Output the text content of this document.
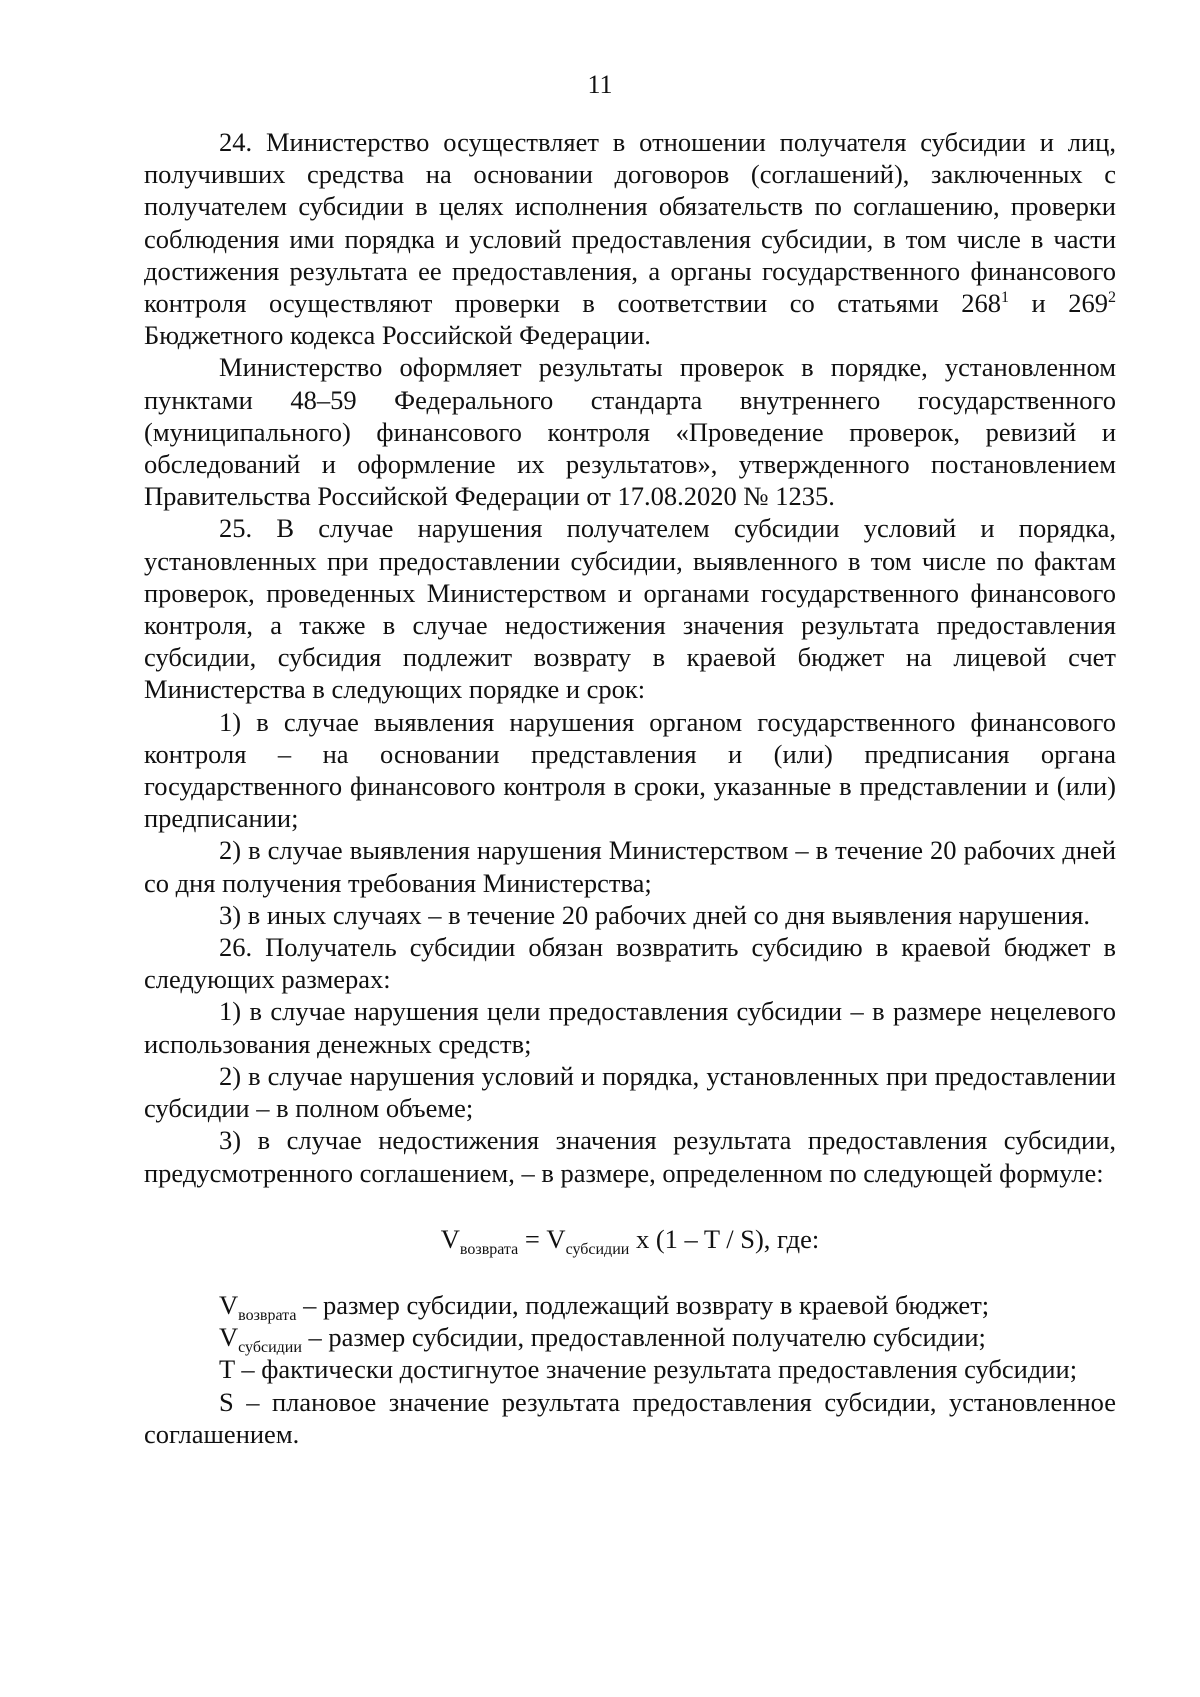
11

24. Министерство осуществляет в отношении получателя субсидии и лиц, получивших средства на основании договоров (соглашений), заключенных с получателем субсидии в целях исполнения обязательств по соглашению, проверки соблюдения ими порядка и условий предоставления субсидии, в том числе в части достижения результата ее предоставления, а органы государственного финансового контроля осуществляют проверки в соответствии со статьями $268^1$ и $269^2$ Бюджетного кодекса Российской Федерации.

Министерство оформляет результаты проверок в порядке, установленном пунктами 48–59 Федерального стандарта внутреннего государственного (муниципального) финансового контроля «Проведение проверок, ревизий и обследований и оформление их результатов», утвержденного постановлением Правительства Российской Федерации от 17.08.2020 № 1235.

25. В случае нарушения получателем субсидии условий и порядка, установленных при предоставлении субсидии, выявленного в том числе по фактам проверок, проведенных Министерством и органами государственного финансового контроля, а также в случае недостижения значения результата предоставления субсидии, субсидия подлежит возврату в краевой бюджет на лицевой счет Министерства в следующих порядке и срок:

1) в случае выявления нарушения органом государственного финансового контроля – на основании представления и (или) предписания органа государственного финансового контроля в сроки, указанные в представлении и (или) предписании;

2) в случае выявления нарушения Министерством – в течение 20 рабочих дней со дня получения требования Министерства;

3) в иных случаях – в течение 20 рабочих дней со дня выявления нарушения.

26. Получатель субсидии обязан возвратить субсидию в краевой бюджет в следующих размерах:

1) в случае нарушения цели предоставления субсидии – в размере нецелевого использования денежных средств;

2) в случае нарушения условий и порядка, установленных при предоставлении субсидии – в полном объеме;

3) в случае недостижения значения результата предоставления субсидии, предусмотренного соглашением, – в размере, определенном по следующей формуле:

$V_{возврата} = V_{субсидии}$ x (1 – T / S), где:

$V_{возврата}$ – размер субсидии, подлежащий возврату в краевой бюджет;

$V_{субсидии}$ – размер субсидии, предоставленной получателю субсидии;

T – фактически достигнутое значение результата предоставления субсидии;

S – плановое значение результата предоставления субсидии, установленное соглашением.
